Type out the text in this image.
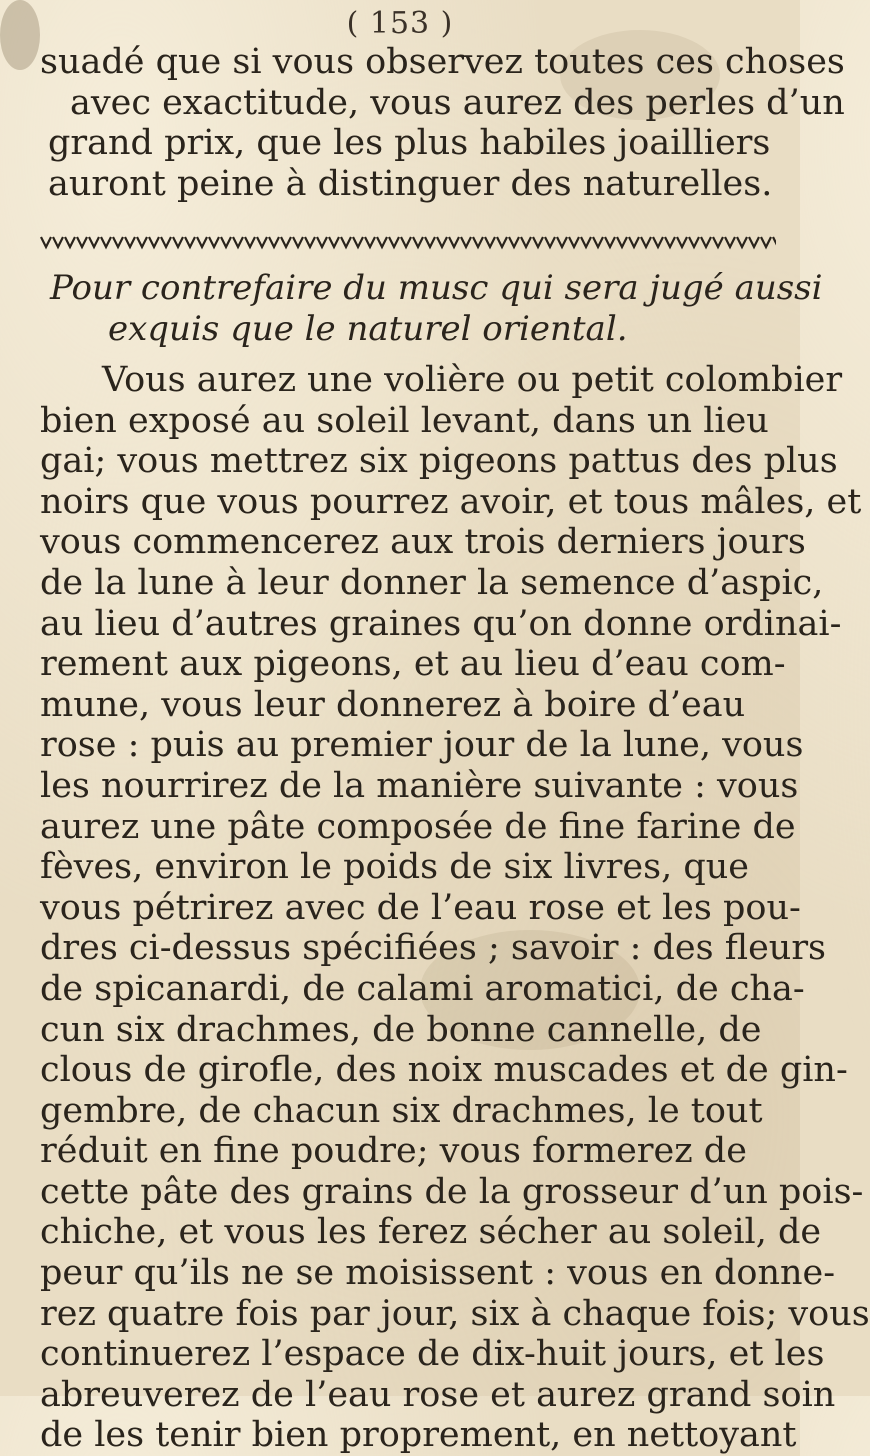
( 153 )
suadé que si vous observez toutes ces choses
avec exactitude, vous aurez des perles d’un
grand prix, que les plus habiles joailliers
auront peine à distinguer des naturelles.
Pour contrefaire du musc qui sera jugé aussi
exquis que le naturel oriental.
Vous aurez une volière ou petit colombier
bien exposé au soleil levant, dans un lieu
gai; vous mettrez six pigeons pattus des plus
noirs que vous pourrez avoir, et tous mâles, et
vous commencerez aux trois derniers jours
de la lune à leur donner la semence d’aspic,
au lieu d’autres graines qu’on donne ordinai-
rement aux pigeons, et au lieu d’eau com-
mune, vous leur donnerez à boire d’eau
rose : puis au premier jour de la lune, vous
les nourrirez de la manière suivante : vous
aurez une pâte composée de fine farine de
fèves, environ le poids de six livres, que
vous pétrirez avec de l’eau rose et les pou-
dres ci-dessus spécifiées ; savoir : des fleurs
de spicanardi, de calami aromatici, de cha-
cun six drachmes, de bonne cannelle, de
clous de girofle, des noix muscades et de gin-
gembre, de chacun six drachmes, le tout
réduit en fine poudre; vous formerez de
cette pâte des grains de la grosseur d’un pois-
chiche, et vous les ferez sécher au soleil, de
peur qu’ils ne se moisissent : vous en donne-
rez quatre fois par jour, six à chaque fois; vous
continuerez l’espace de dix-huit jours, et les
abreuverez de l’eau rose et aurez grand soin
de les tenir bien proprement, en nettoyant
